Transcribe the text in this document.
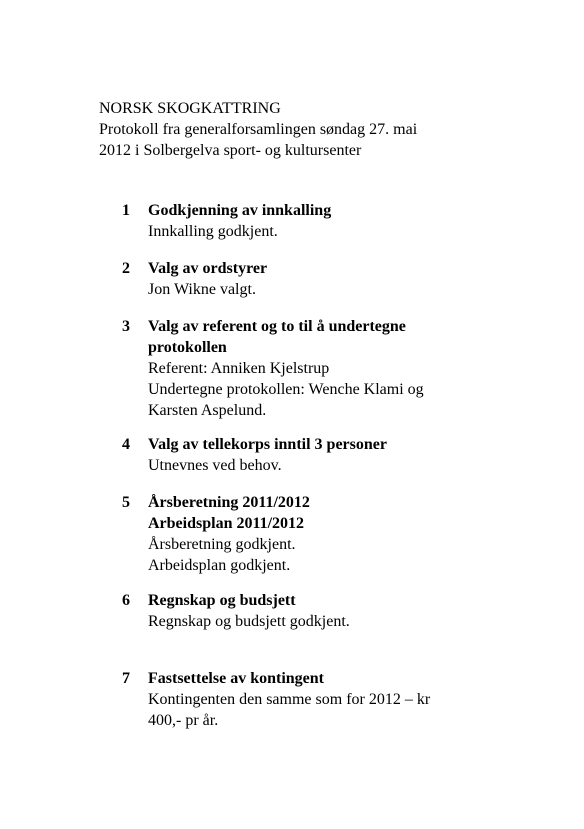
NORSK SKOGKATTRING
Protokoll fra generalforsamlingen søndag 27. mai
2012 i Solbergelva sport- og kultursenter
1 Godkjenning av innkalling
Innkalling godkjent.
2 Valg av ordstyrer
Jon Wikne valgt.
3 Valg av referent og to til å undertegne
protokollen
Referent: Anniken Kjelstrup
Undertegne protokollen: Wenche Klami og
Karsten Aspelund.
4 Valg av tellekorps inntil 3 personer
Utnevnes ved behov.
5 Årsberetning 2011/2012
Arbeidsplan 2011/2012
Årsberetning godkjent.
Arbeidsplan godkjent.
6 Regnskap og budsjett
Regnskap og budsjett godkjent.
7 Fastsettelse av kontingent
Kontingenten den samme som for 2012 – kr
400,- pr år.
